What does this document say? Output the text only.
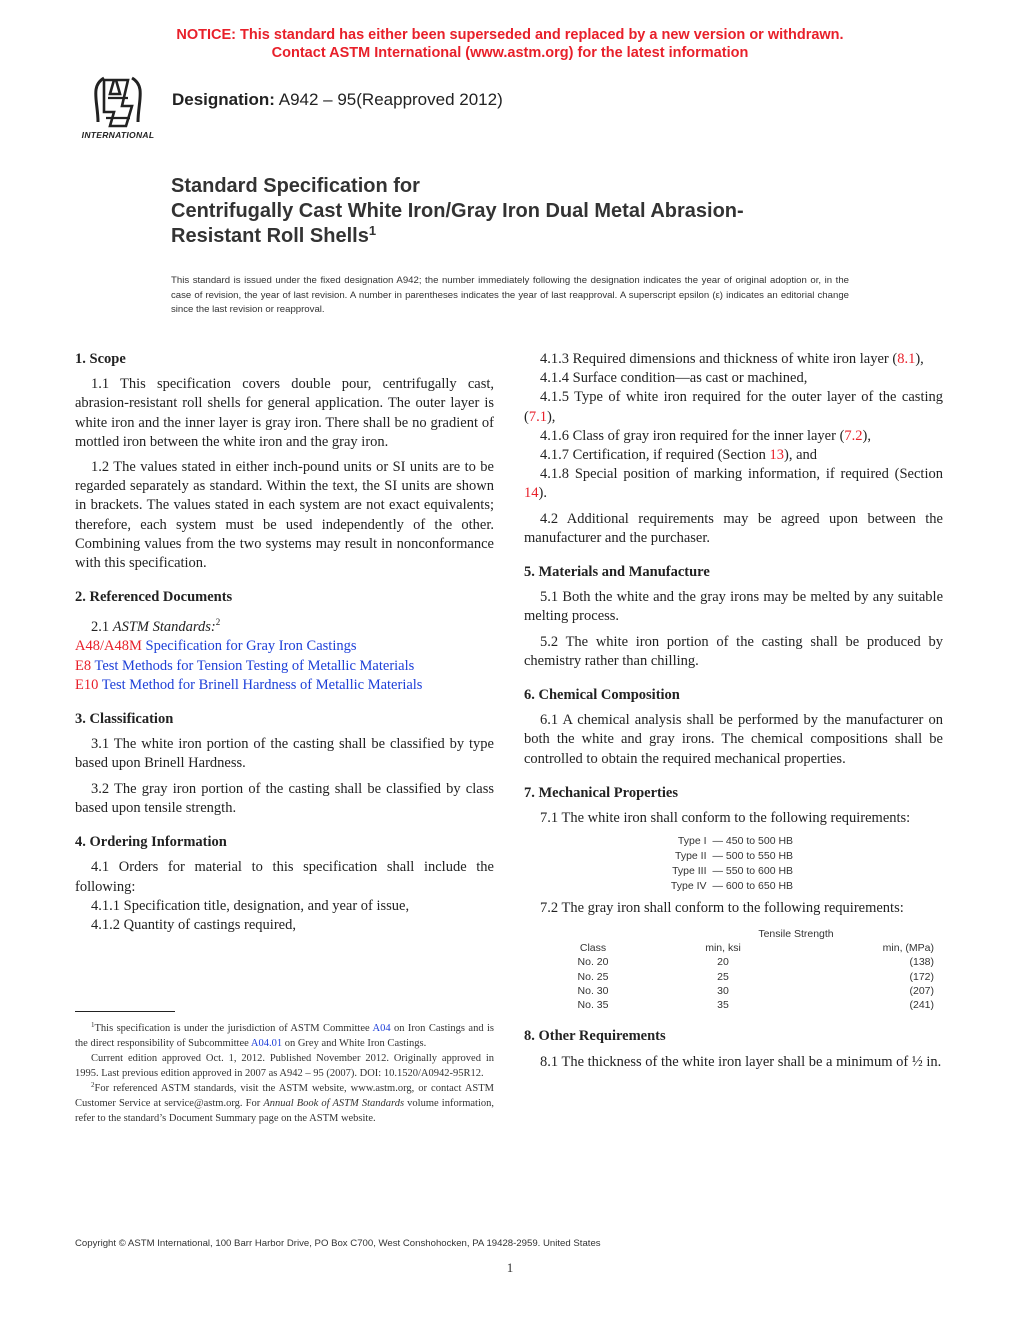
NOTICE: This standard has either been superseded and replaced by a new version or withdrawn.
Contact ASTM International (www.astm.org) for the latest information
INTERNATIONAL
Designation: A942 – 95(Reapproved 2012)
Standard Specification for
Centrifugally Cast White Iron/Gray Iron Dual Metal Abrasion-
Resistant Roll Shells$^1$
This standard is issued under the fixed designation A942; the number immediately following the designation indicates the year of original adoption or, in the case of revision, the year of last revision. A number in parentheses indicates the year of last reapproval. A superscript epsilon (ε) indicates an editorial change since the last revision or reapproval.
1. Scope

1.1 This specification covers double pour, centrifugally cast, abrasion-resistant roll shells for general application. The outer layer is white iron and the inner layer is gray iron. There shall be no gradient of mottled iron between the white iron and the gray iron.

1.2 The values stated in either inch-pound units or SI units are to be regarded separately as standard. Within the text, the SI units are shown in brackets. The values stated in each system are not exact equivalents; therefore, each system must be used independently of the other. Combining values from the two systems may result in nonconformance with this specification.

2. Referenced Documents
2.1 ASTM Standards:$^2$
A48/A48M Specification for Gray Iron Castings
E8 Test Methods for Tension Testing of Metallic Materials
E10 Test Method for Brinell Hardness of Metallic Materials
3. Classification

3.1 The white iron portion of the casting shall be classified by type based upon Brinell Hardness.

3.2 The gray iron portion of the casting shall be classified by class based upon tensile strength.

4. Ordering Information

4.1 Orders for material to this specification shall include the following:

4.1.1 Specification title, designation, and year of issue,

4.1.2 Quantity of castings required,

$^1$This specification is under the jurisdiction of ASTM Committee A04 on Iron Castings and is the direct responsibility of Subcommittee A04.01 on Grey and White Iron Castings.

Current edition approved Oct. 1, 2012. Published November 2012. Originally approved in 1995. Last previous edition approved in 2007 as A942 – 95 (2007). DOI: 10.1520/A0942-95R12.

$^2$For referenced ASTM standards, visit the ASTM website, www.astm.org, or contact ASTM Customer Service at service@astm.org. For Annual Book of ASTM Standards volume information, refer to the standard’s Document Summary page on the ASTM website.

4.1.3 Required dimensions and thickness of white iron layer (8.1),

4.1.4 Surface condition—as cast or machined,

4.1.5 Type of white iron required for the outer layer of the casting (7.1),

4.1.6 Class of gray iron required for the inner layer (7.2),

4.1.7 Certification, if required (Section 13), and

4.1.8 Special position of marking information, if required (Section 14).

4.2 Additional requirements may be agreed upon between the manufacturer and the purchaser.

5. Materials and Manufacture

5.1 Both the white and the gray irons may be melted by any suitable melting process.

5.2 The white iron portion of the casting shall be produced by chemistry rather than chilling.

6. Chemical Composition

6.1 A chemical analysis shall be performed by the manufacturer on both the white and gray irons. The chemical compositions shall be controlled to obtain the required mechanical properties.

7. Mechanical Properties

7.1 The white iron shall conform to the following requirements:

Type I — 450 to 500 HB
Type II — 500 to 550 HB
Type III — 550 to 600 HB
Type IV — 600 to 650 HB

7.2 The gray iron shall conform to the following requirements:

Tensile Strength
Class	min, ksi	min, (MPa)
No. 20	20	(138)
No. 25	25	(172)
No. 30	30	(207)
No. 35	35	(241)
8. Other Requirements

8.1 The thickness of the white iron layer shall be a minimum of ½ in.

Copyright © ASTM International, 100 Barr Harbor Drive, PO Box C700, West Conshohocken, PA 19428-2959. United States
1
